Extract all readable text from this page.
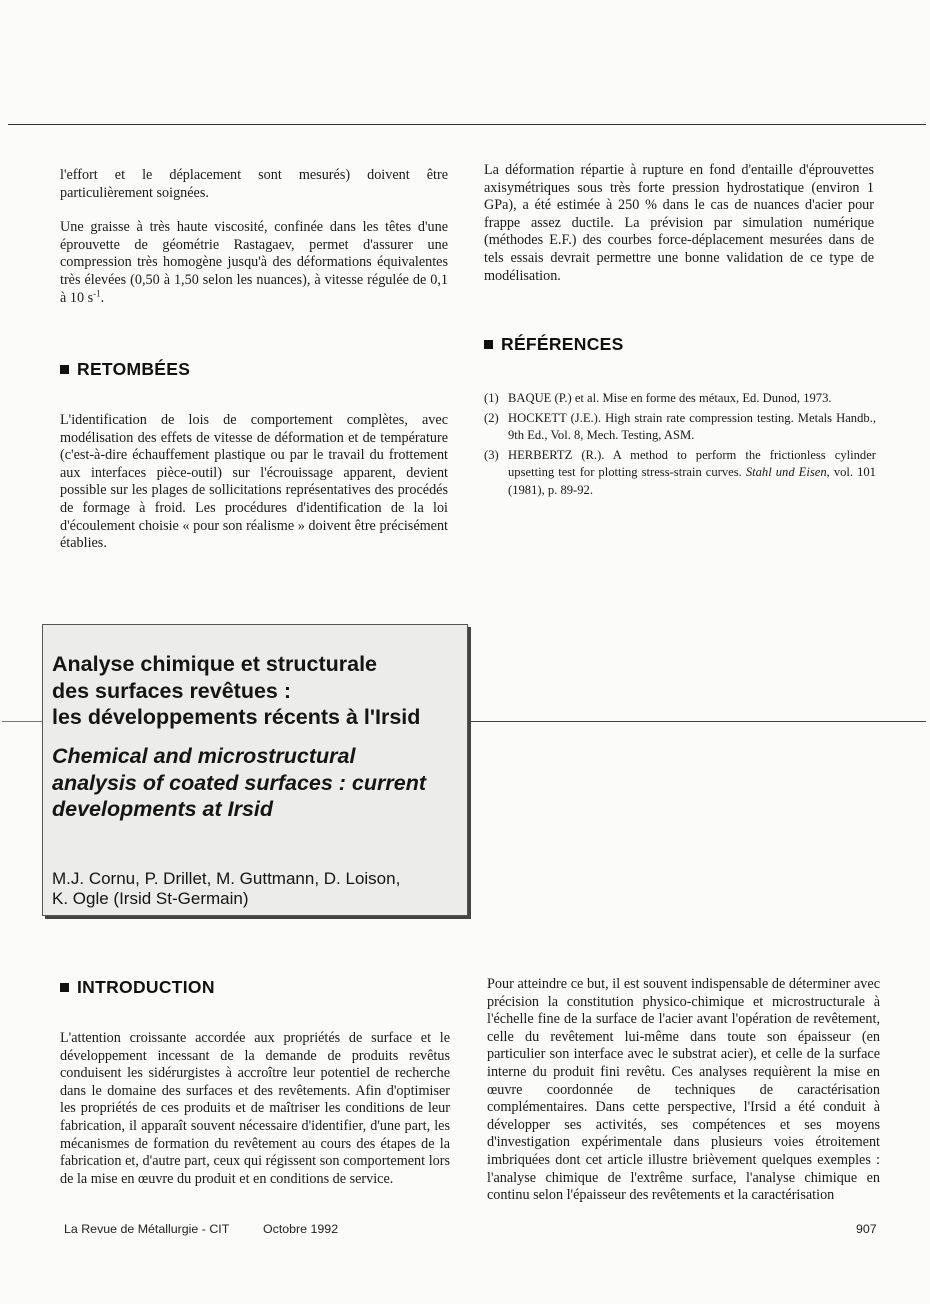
l'effort et le déplacement sont mesurés) doivent être particulièrement soignées.

Une graisse à très haute viscosité, confinée dans les têtes d'une éprouvette de géométrie Rastagaev, permet d'assurer une compression très homogène jusqu'à des déformations équivalentes très élevées (0,50 à 1,50 selon les nuances), à vitesse régulée de 0,1 à 10 $s^{-1}$.

La déformation répartie à rupture en fond d'entaille d'éprouvettes axisymétriques sous très forte pression hydrostatique (environ 1 GPa), a été estimée à 250 % dans le cas de nuances d'acier pour frappe assez ductile. La prévision par simulation numérique (méthodes E.F.) des courbes force-déplacement mesurées dans de tels essais devrait permettre une bonne validation de ce type de modélisation.

RETOMBÉES
RÉFÉRENCES

L'identification de lois de comportement complètes, avec modélisation des effets de vitesse de déformation et de température (c'est-à-dire échauffement plastique ou par le travail du frottement aux interfaces pièce-outil) sur l'écrouissage apparent, devient possible sur les plages de sollicitations représentatives des procédés de formage à froid. Les procédures d'identification de la loi d'écoulement choisie « pour son réalisme » doivent être précisément établies.

(1) BAQUE (P.) et al. Mise en forme des métaux, Ed. Dunod, 1973.
(2) HOCKETT (J.E.). High strain rate compression testing. Metals Handb., 9th Ed., Vol. 8, Mech. Testing, ASM.
(3) HERBERTZ (R.). A method to perform the frictionless cylinder upsetting test for plotting stress-strain curves. Stahl und Eisen, vol. 101 (1981), p. 89-92.
Analyse chimique et structurale
des surfaces revêtues :
les développements récents à l'Irsid
Chemical and microstructural
analysis of coated surfaces : current
developments at Irsid
M.J. Cornu, P. Drillet, M. Guttmann, D. Loison,
K. Ogle (Irsid St-Germain)
INTRODUCTION

L'attention croissante accordée aux propriétés de surface et le développement incessant de la demande de produits revêtus conduisent les sidérurgistes à accroître leur potentiel de recherche dans le domaine des surfaces et des revêtements. Afin d'optimiser les propriétés de ces produits et de maîtriser les conditions de leur fabrication, il apparaît souvent nécessaire d'identifier, d'une part, les mécanismes de formation du revêtement au cours des étapes de la fabrication et, d'autre part, ceux qui régissent son comportement lors de la mise en œuvre du produit et en conditions de service.

Pour atteindre ce but, il est souvent indispensable de déterminer avec précision la constitution physico-chimique et microstructurale à l'échelle fine de la surface de l'acier avant l'opération de revêtement, celle du revêtement lui-même dans toute son épaisseur (en particulier son interface avec le substrat acier), et celle de la surface interne du produit fini revêtu. Ces analyses requièrent la mise en œuvre coordonnée de techniques de caractérisation complémentaires. Dans cette perspective, l'Irsid a été conduit à développer ses activités, ses compétences et ses moyens d'investigation expérimentale dans plusieurs voies étroitement imbriquées dont cet article illustre brièvement quelques exemples : l'analyse chimique de l'extrême surface, l'analyse chimique en continu selon l'épaisseur des revêtements et la caractérisation

La Revue de Métallurgie - CIT	Octobre 1992	907
